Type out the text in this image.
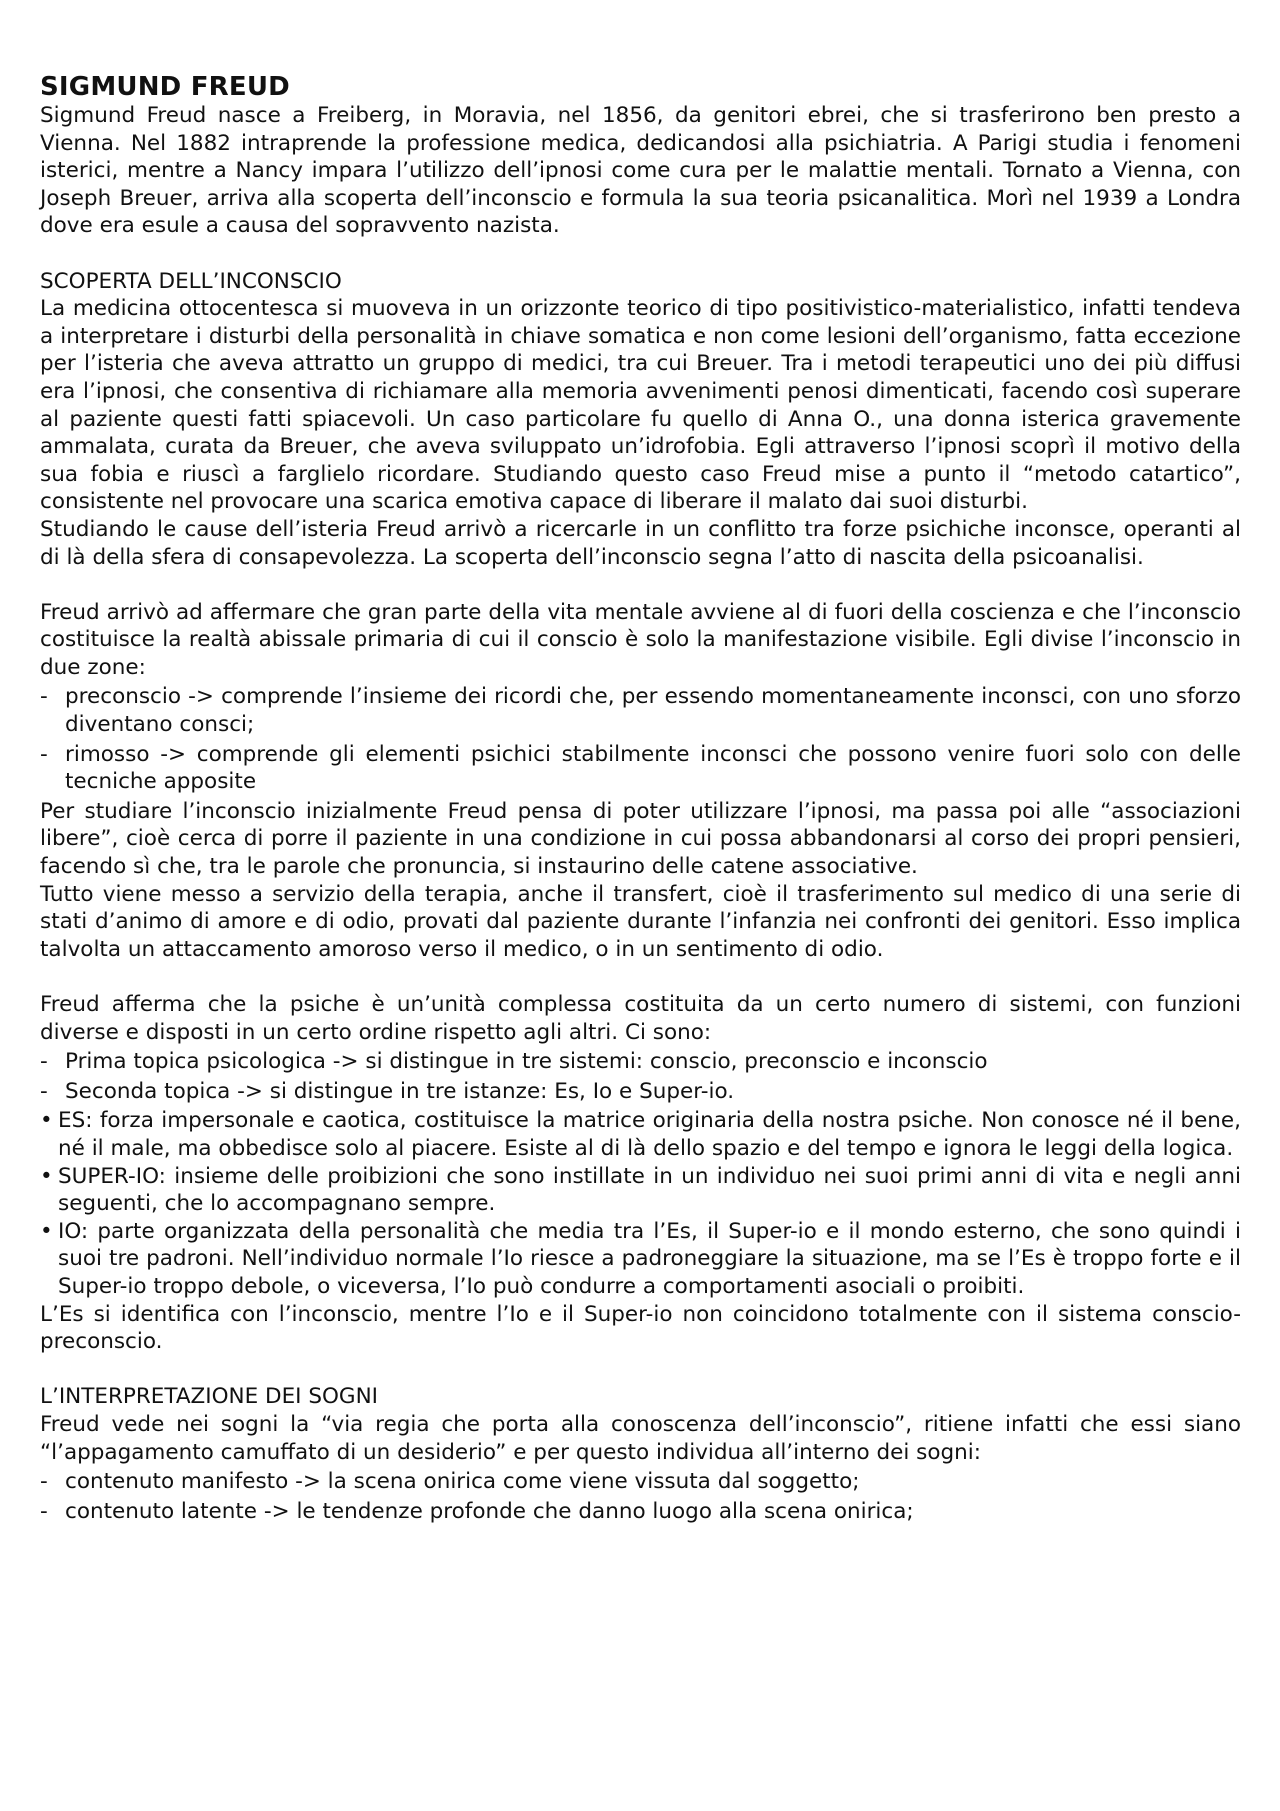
SIGMUND FREUD

Sigmund Freud nasce a Freiberg, in Moravia, nel 1856, da genitori ebrei, che si trasferirono ben presto a Vienna. Nel 1882 intraprende la professione medica, dedicandosi alla psichiatria. A Parigi studia i fenomeni isterici, mentre a Nancy impara l’utilizzo dell’ipnosi come cura per le malattie mentali. Tornato a Vienna, con Joseph Breuer, arriva alla scoperta dell’inconscio e formula la sua teoria psicanalitica. Morì nel 1939 a Londra dove era esule a causa del sopravvento nazista.

SCOPERTA DELL’INCONSCIO

La medicina ottocentesca si muoveva in un orizzonte teorico di tipo positivistico-materialistico, infatti tendeva a interpretare i disturbi della personalità in chiave somatica e non come lesioni dell’organismo, fatta eccezione per l’isteria che aveva attratto un gruppo di medici, tra cui Breuer. Tra i metodi terapeutici uno dei più diffusi era l’ipnosi, che consentiva di richiamare alla memoria avvenimenti penosi dimenticati, facendo così superare al paziente questi fatti spiacevoli. Un caso particolare fu quello di Anna O., una donna isterica gravemente ammalata, curata da Breuer, che aveva sviluppato un’idrofobia. Egli attraverso l’ipnosi scoprì il motivo della sua fobia e riuscì a farglielo ricordare. Studiando questo caso Freud mise a punto il “metodo catartico”, consistente nel provocare una scarica emotiva capace di liberare il malato dai suoi disturbi.

Studiando le cause dell’isteria Freud arrivò a ricercarle in un conflitto tra forze psichiche inconsce, operanti al di là della sfera di consapevolezza. La scoperta dell’inconscio segna l’atto di nascita della psicoanalisi.

Freud arrivò ad affermare che gran parte della vita mentale avviene al di fuori della coscienza e che l’inconscio costituisce la realtà abissale primaria di cui il conscio è solo la manifestazione visibile. Egli divise l’inconscio in due zone:

- preconscio -> comprende l’insieme dei ricordi che, per essendo momentaneamente inconsci, con uno sforzo diventano consci;
- rimosso -> comprende gli elementi psichici stabilmente inconsci che possono venire fuori solo con delle tecniche apposite

Per studiare l’inconscio inizialmente Freud pensa di poter utilizzare l’ipnosi, ma passa poi alle “associazioni libere”, cioè cerca di porre il paziente in una condizione in cui possa abbandonarsi al corso dei propri pensieri, facendo sì che, tra le parole che pronuncia, si instaurino delle catene associative.

Tutto viene messo a servizio della terapia, anche il transfert, cioè il trasferimento sul medico di una serie di stati d’animo di amore e di odio, provati dal paziente durante l’infanzia nei confronti dei genitori. Esso implica talvolta un attaccamento amoroso verso il medico, o in un sentimento di odio.

Freud afferma che la psiche è un’unità complessa costituita da un certo numero di sistemi, con funzioni diverse e disposti in un certo ordine rispetto agli altri. Ci sono:

- Prima topica psicologica -> si distingue in tre sistemi: conscio, preconscio e inconscio
- Seconda topica -> si distingue in tre istanze: Es, Io e Super-io.
• ES: forza impersonale e caotica, costituisce la matrice originaria della nostra psiche. Non conosce né il bene, né il male, ma obbedisce solo al piacere. Esiste al di là dello spazio e del tempo e ignora le leggi della logica.
• SUPER-IO: insieme delle proibizioni che sono instillate in un individuo nei suoi primi anni di vita e negli anni seguenti, che lo accompagnano sempre.
• IO: parte organizzata della personalità che media tra l’Es, il Super-io e il mondo esterno, che sono quindi i suoi tre padroni. Nell’individuo normale l’Io riesce a padroneggiare la situazione, ma se l’Es è troppo forte e il Super-io troppo debole, o viceversa, l’Io può condurre a comportamenti asociali o proibiti.

L’Es si identifica con l’inconscio, mentre l’Io e il Super-io non coincidono totalmente con il sistema conscio-preconscio.

L’INTERPRETAZIONE DEI SOGNI

Freud vede nei sogni la “via regia che porta alla conoscenza dell’inconscio”, ritiene infatti che essi siano “l’appagamento camuffato di un desiderio” e per questo individua all’interno dei sogni:

- contenuto manifesto -> la scena onirica come viene vissuta dal soggetto;
- contenuto latente -> le tendenze profonde che danno luogo alla scena onirica;
